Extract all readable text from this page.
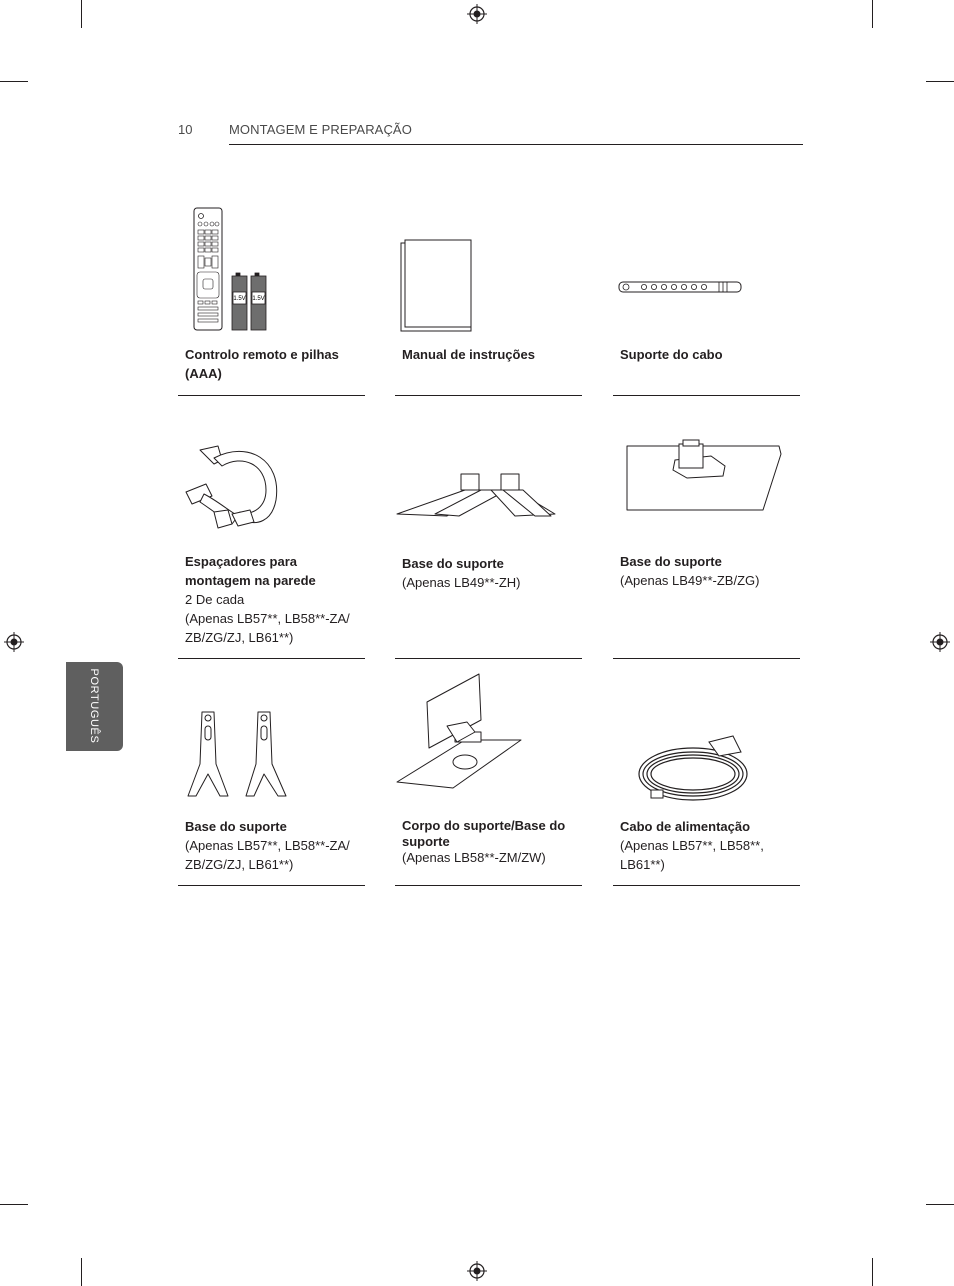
10	MONTAGEM E PREPARAÇÃO
PORTUGUÊS
1.5V 1.5V
Controlo remoto e pilhas (AAA)
Manual de instruções	Suporte do cabo
Espaçadores para montagem na parede
2 De cada
(Apenas LB57**, LB58**-ZA/ ZB/ZG/ZJ, LB61**)
Base do suporte
(Apenas LB49**-ZH)
Base do suporte
(Apenas LB49**-ZB/ZG)
Base do suporte
(Apenas LB57**, LB58**-ZA/ ZB/ZG/ZJ, LB61**)
Corpo do suporte/Base do suporte
(Apenas LB58**-ZM/ZW)
Cabo de alimentação
(Apenas LB57**, LB58**, LB61**)
